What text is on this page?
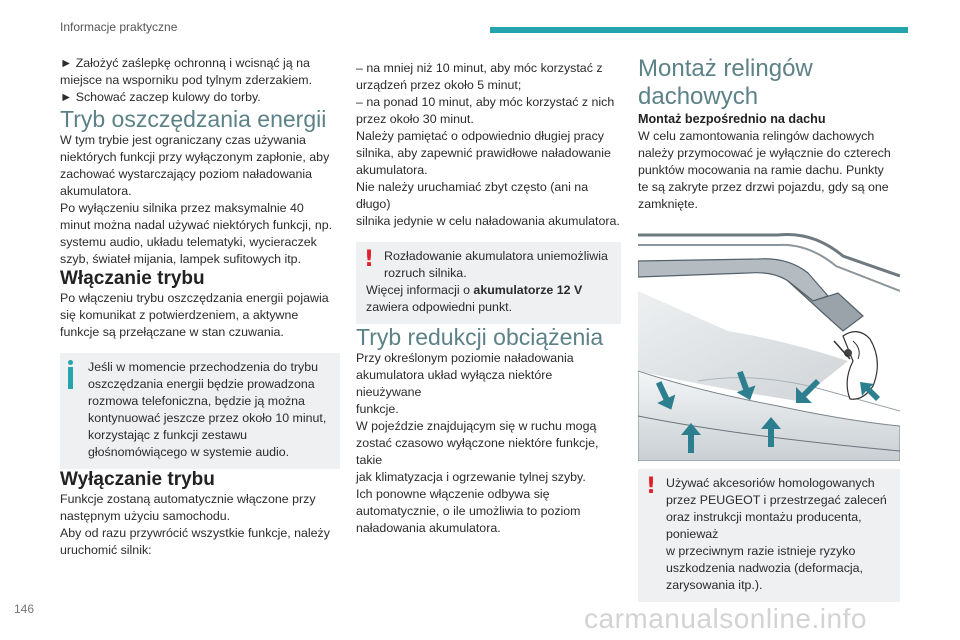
Informacje praktyczne

► Założyć zaślepkę ochronną i wcisnąć ją na
miejsce na wsporniku pod tylnym zderzakiem.

► Schować zaczep kulowy do torby.

Tryb oszczędzania energii

W tym trybie jest ograniczany czas używania
niektórych funkcji przy wyłączonym zapłonie, aby
zachować wystarczający poziom naładowania
akumulatora.
Po wyłączeniu silnika przez maksymalnie 40
minut można nadal używać niektórych funkcji, np.
systemu audio, układu telematyki, wycieraczek
szyb, świateł mijania, lampek sufitowych itp.

Włączanie trybu

Po włączeniu trybu oszczędzania energii pojawia
się komunikat z potwierdzeniem, a aktywne
funkcje są przełączane w stan czuwania.

Jeśli w momencie przechodzenia do trybu
oszczędzania energii będzie prowadzona
rozmowa telefoniczna, będzie ją można
kontynuować jeszcze przez około 10 minut,
korzystając z funkcji zestawu
głośnomówiącego w systemie audio.

Wyłączanie trybu

Funkcje zostaną automatycznie włączone przy
następnym użyciu samochodu.
Aby od razu przywrócić wszystkie funkcje, należy
uruchomić silnik:

– na mniej niż 10 minut, aby móc korzystać z
urządzeń przez około 5 minut;
– na ponad 10 minut, aby móc korzystać z nich
przez około 30 minut.
Należy pamiętać o odpowiednio długiej pracy
silnika, aby zapewnić prawidłowe naładowanie
akumulatora.
Nie należy uruchamiać zbyt często (ani na długo)
silnika jedynie w celu naładowania akumulatora.

! Rozładowanie akumulatora uniemożliwia
rozruch silnika.

Więcej informacji o akumulatorze 12 V

zawiera odpowiedni punkt.

Tryb redukcji obciążenia

Przy określonym poziomie naładowania
akumulatora układ wyłącza niektóre nieużywane
funkcje.
W pojeździe znajdującym się w ruchu mogą
zostać czasowo wyłączone niektóre funkcje, takie
jak klimatyzacja i ogrzewanie tylnej szyby.
Ich ponowne włączenie odbywa się
automatycznie, o ile umożliwia to poziom
naładowania akumulatora.

Montaż relingów
dachowych

Montaż bezpośrednio na dachu

W celu zamontowania relingów dachowych
należy przymocować je wyłącznie do czterech
punktów mocowania na ramie dachu. Punkty
te są zakryte przez drzwi pojazdu, gdy są one
zamknięte.

! Używać akcesoriów homologowanych
przez PEUGEOT i przestrzegać zaleceń
oraz instrukcji montażu producenta, ponieważ
w przeciwnym razie istnieje ryzyko
uszkodzenia nadwozia (deformacja,
zarysowania itp.).

146	carmanualsonline.info
